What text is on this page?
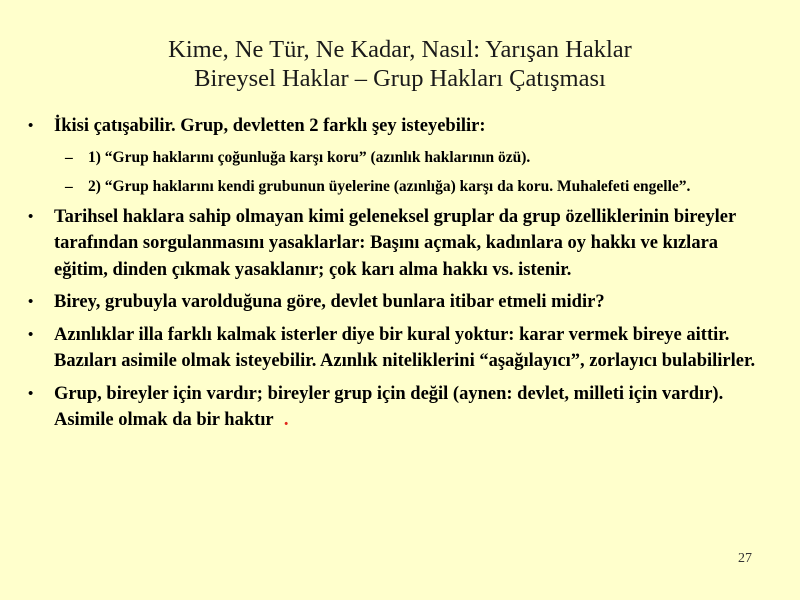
Kime, Ne Tür, Ne Kadar, Nasıl: Yarışan Haklar
Bireysel Haklar – Grup Hakları Çatışması
• İkisi çatışabilir. Grup, devletten 2 farklı şey isteyebilir:
– 1) “Grup haklarını çoğunluğa karşı koru” (azınlık haklarının özü).
– 2) “Grup haklarını kendi grubunun üyelerine (azınlığa) karşı da koru. Muhalefeti engelle”.
• Tarihsel haklara sahip olmayan kimi geleneksel gruplar da grup özelliklerinin bireyler tarafından sorgulanmasını yasaklarlar: Başını açmak, kadınlara oy hakkı ve kızlara eğitim, dinden çıkmak yasaklanır; çok karı alma hakkı vs. istenir.
• Birey, grubuyla varolduğuna göre, devlet bunlara itibar etmeli midir?
• Azınlıklar illa farklı kalmak isterler diye bir kural yoktur: karar vermek bireye aittir. Bazıları asimile olmak isteyebilir. Azınlık niteliklerini “aşağılayıcı”, zorlayıcı bulabilirler.
• Grup, bireyler için vardır; bireyler grup için değil (aynen: devlet, milleti için vardır). Asimile olmak da bir haktır .
27
